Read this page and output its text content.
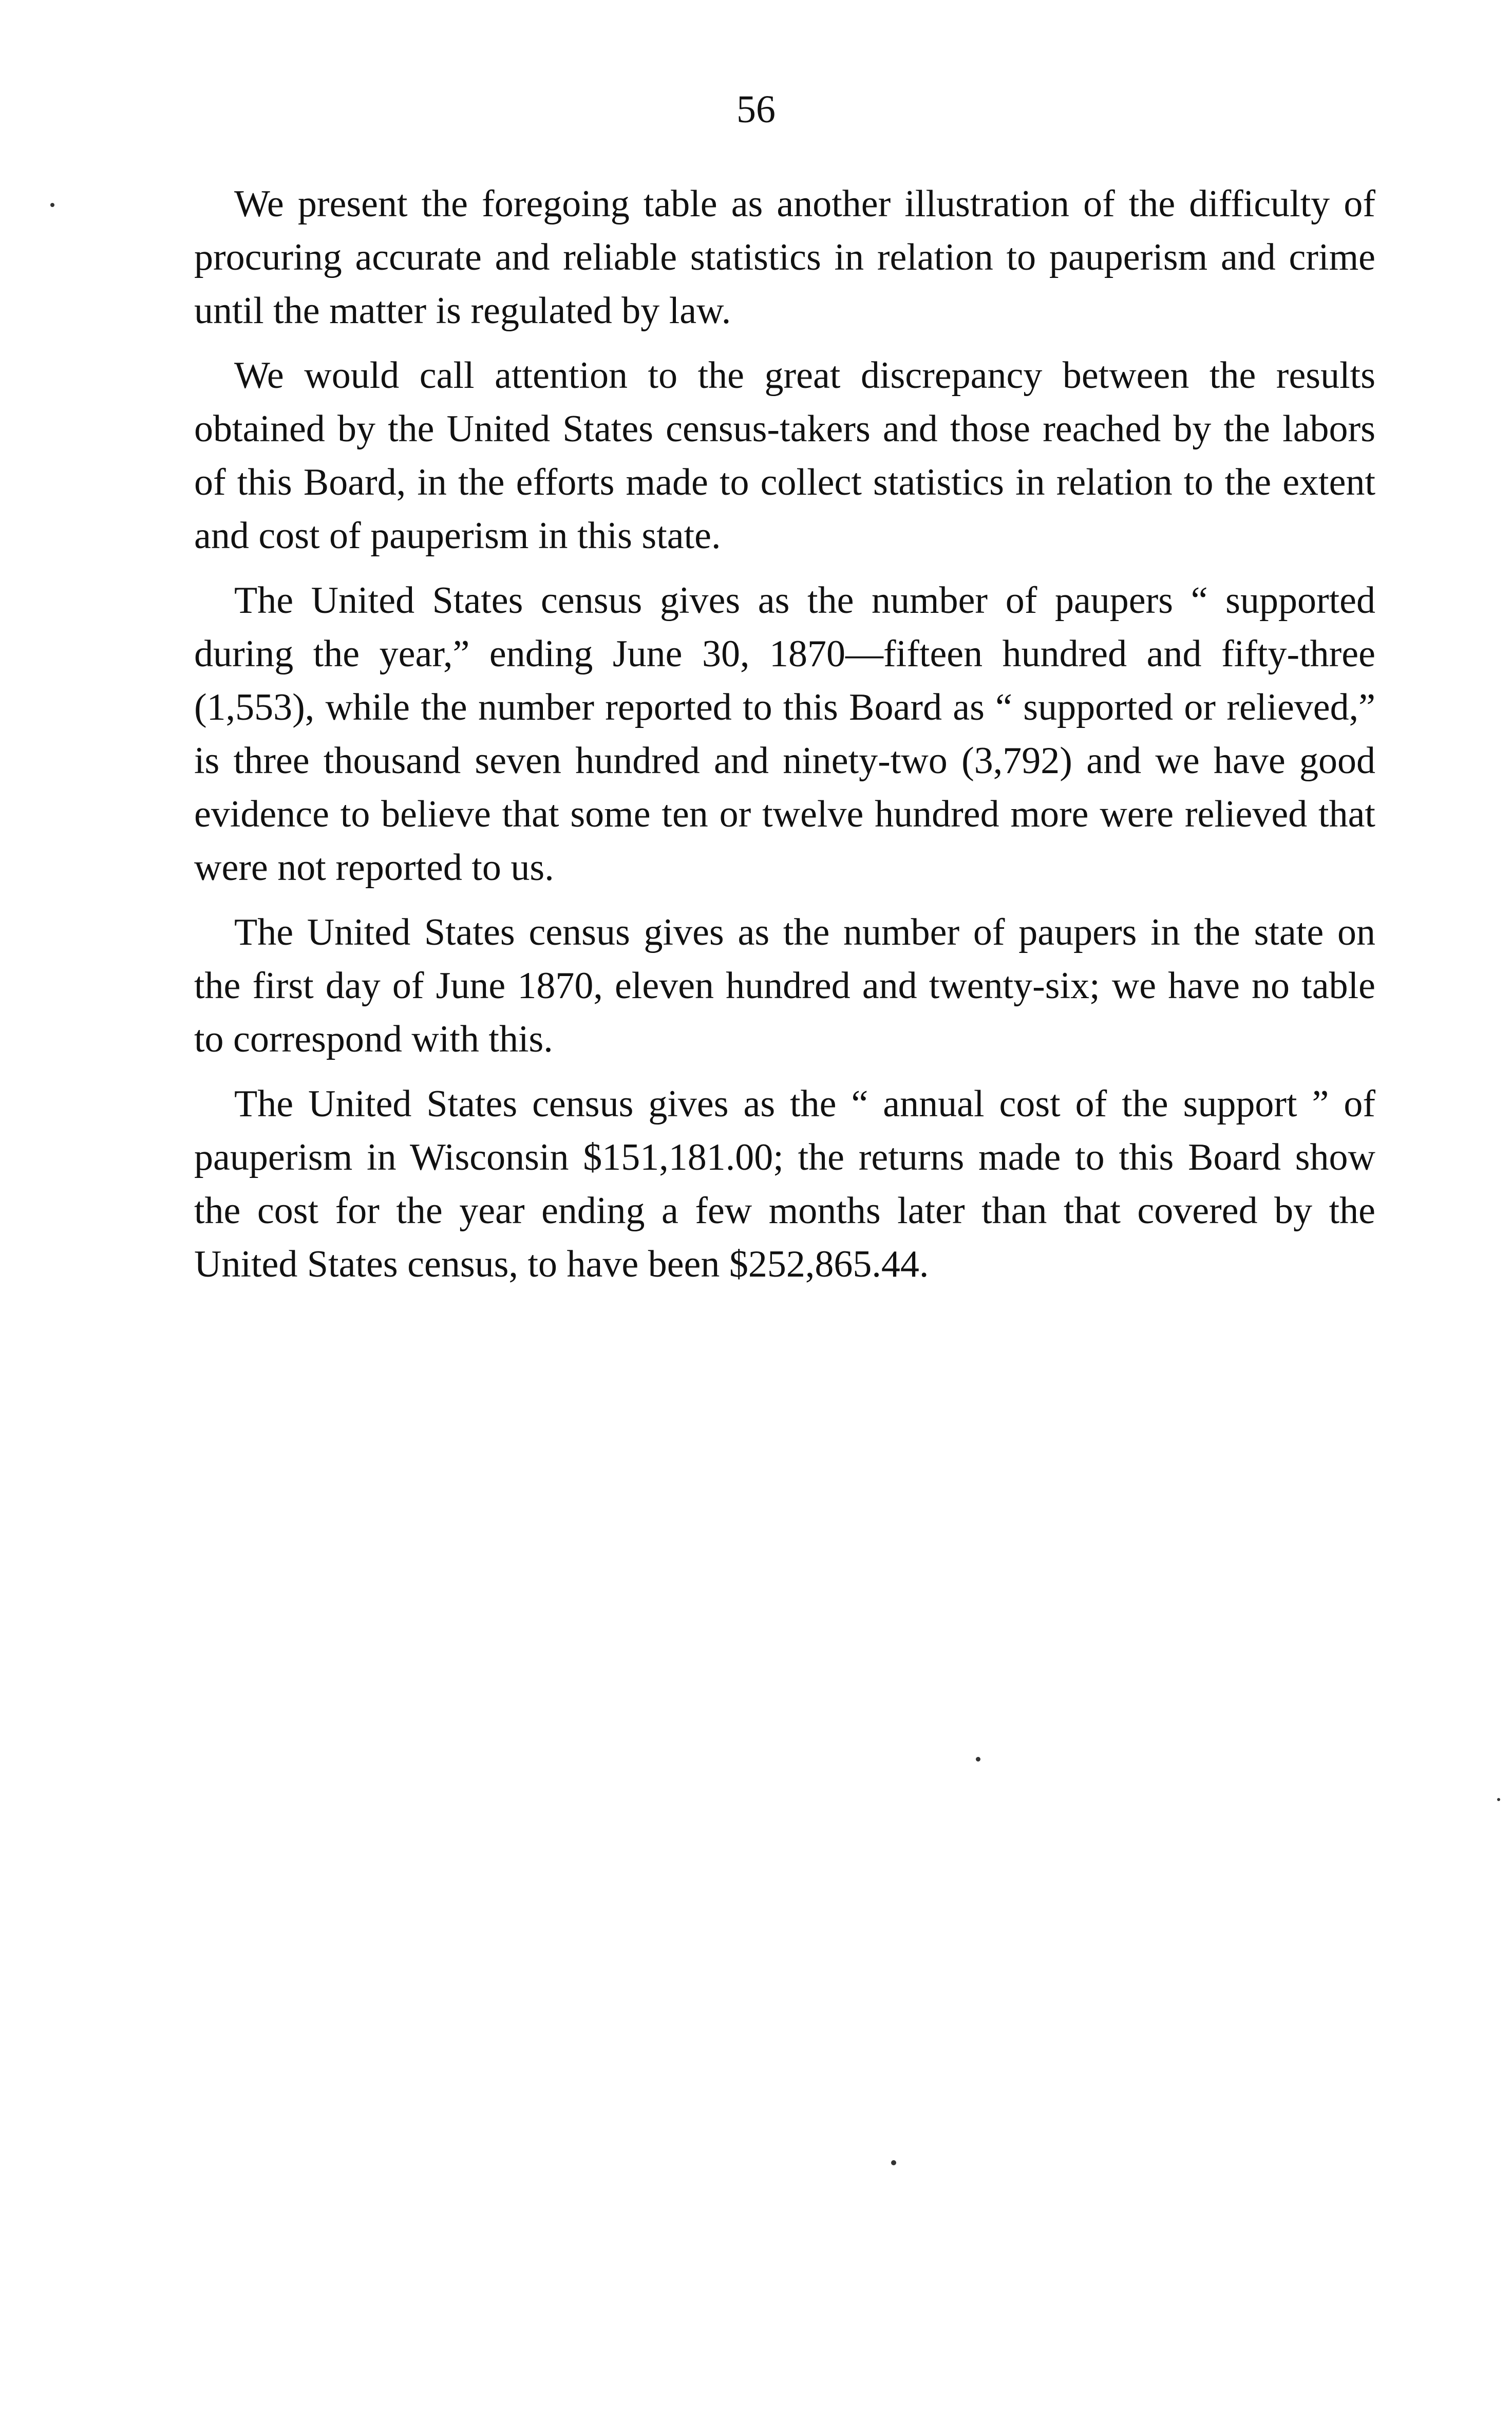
56

We present the foregoing table as another illustration of the difficulty of procuring accurate and reliable statistics in relation to pauperism and crime until the matter is regulated by law.

We would call attention to the great discrepancy between the results obtained by the United States census-takers and those reached by the labors of this Board, in the efforts made to collect statistics in relation to the extent and cost of pauperism in this state.

The United States census gives as the number of paupers “ supported during the year,” ending June 30, 1870—fifteen hundred and fifty-three (1,553), while the number reported to this Board as “ supported or relieved,” is three thousand seven hundred and ninety-two (3,792) and we have good evidence to believe that some ten or twelve hundred more were relieved that were not reported to us.

The United States census gives as the number of paupers in the state on the first day of June 1870, eleven hundred and twenty-six; we have no table to correspond with this.

The United States census gives as the “ annual cost of the support ” of pauperism in Wisconsin $151,181.00; the returns made to this Board show the cost for the year ending a few months later than that covered by the United States census, to have been $252,865.44.
